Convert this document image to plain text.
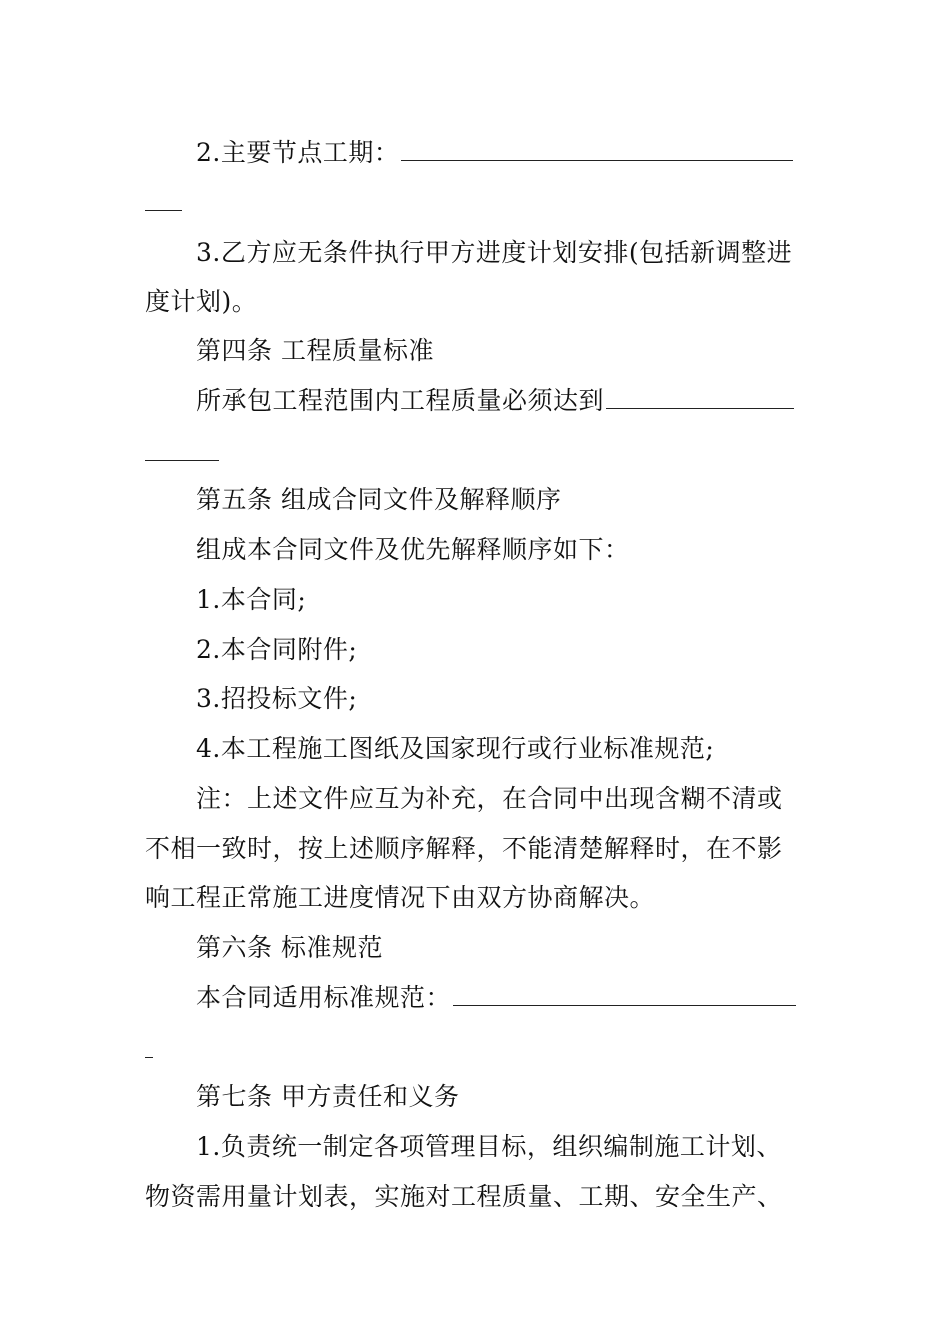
2.主要节点工期：
3.乙方应无条件执行甲方进度计划安排(包括新调整进
度计划)。
第四条 工程质量标准
所承包工程范围内工程质量必须达到
第五条 组成合同文件及解释顺序
组成本合同文件及优先解释顺序如下：
1.本合同;
2.本合同附件;
3.招投标文件;
4.本工程施工图纸及国家现行或行业标准规范;
注：上述文件应互为补充，在合同中出现含糊不清或
不相一致时，按上述顺序解释，不能清楚解释时，在不影
响工程正常施工进度情况下由双方协商解决。
第六条 标准规范
本合同适用标准规范：
第七条 甲方责任和义务
1.负责统一制定各项管理目标，组织编制施工计划、
物资需用量计划表，实施对工程质量、工期、安全生产、
